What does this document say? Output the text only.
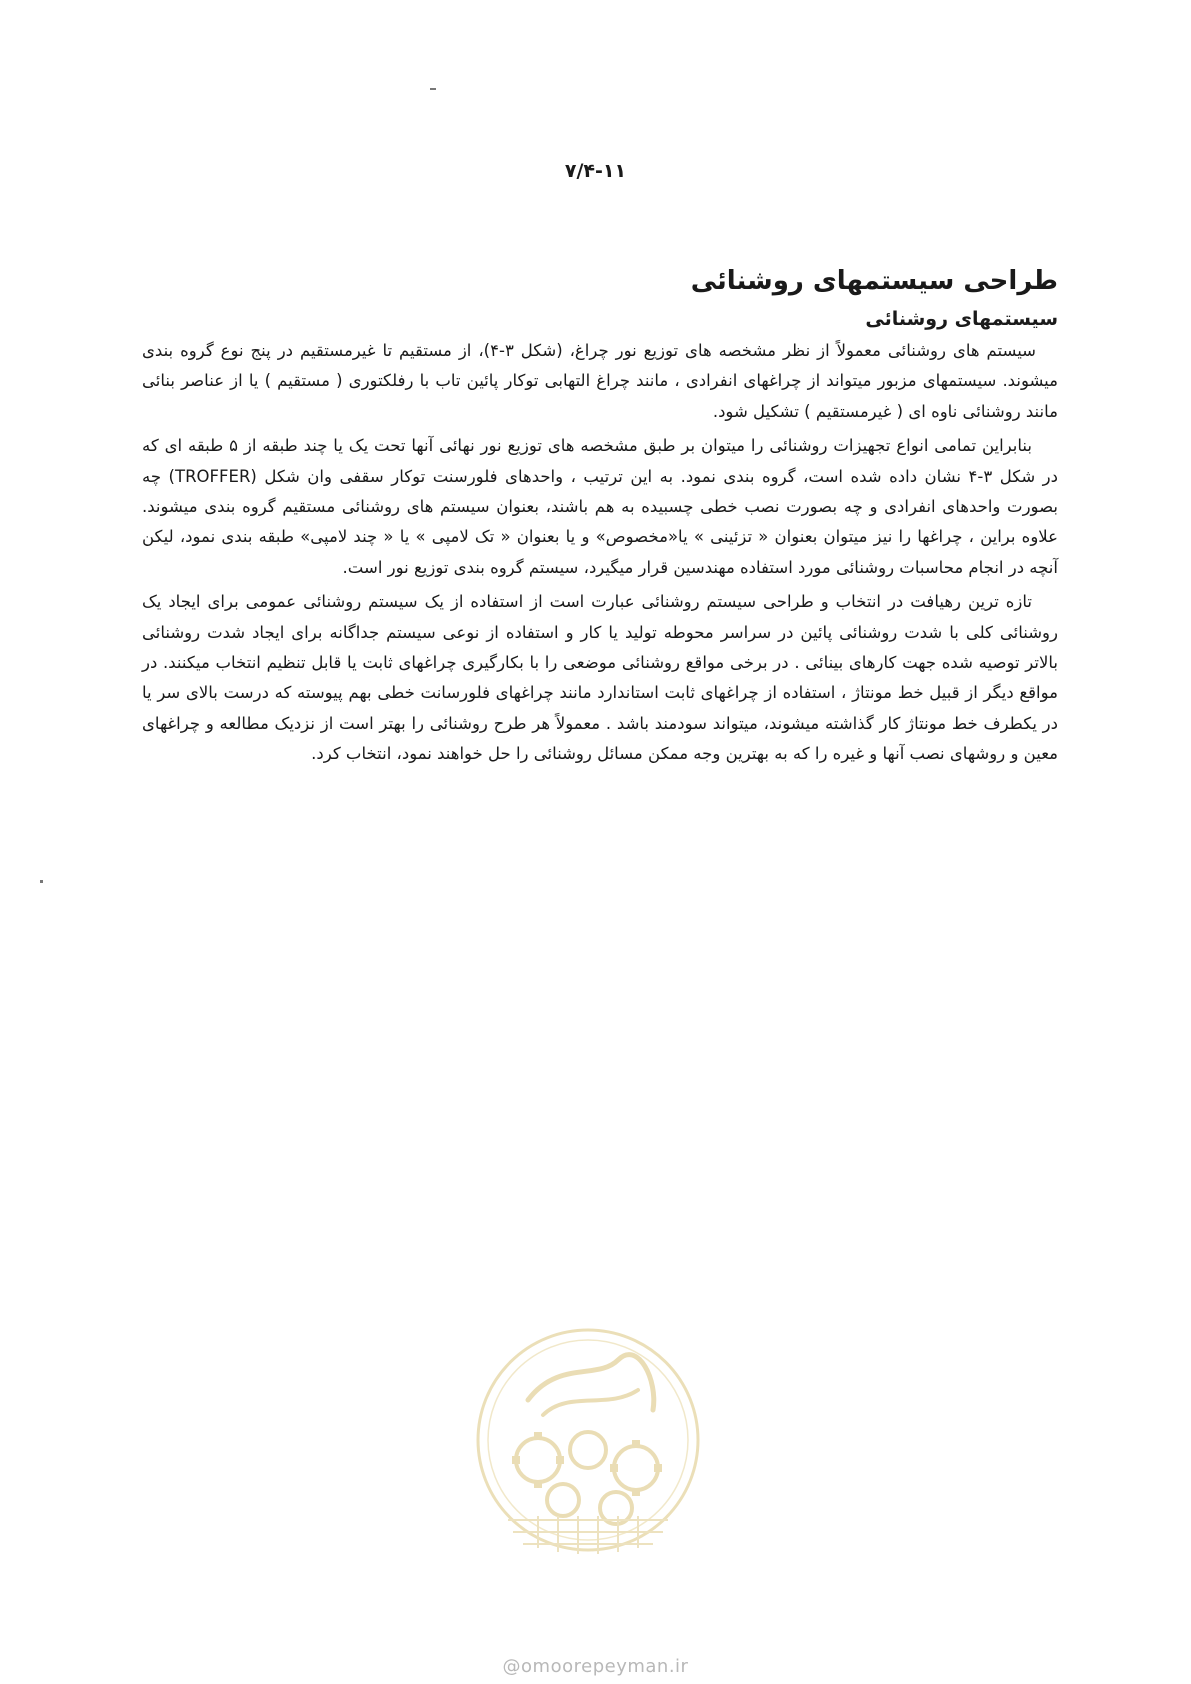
۷/۴-۱۱
طراحی سیستمهای روشنائی
سیستمهای روشنائی

سیستم های روشنائی معمولاً از نظر مشخصه های توزیع نور چراغ، (شکل ۳-۴)، از مستقیم تا غیرمستقیم در پنج نوع گروه بندی میشوند. سیستمهای مزبور میتواند از چراغهای انفرادی ، مانند چراغ التهابی توکار پائین تاب با رفلکتوری ( مستقیم ) یا از عناصر بنائی مانند روشنائی ناوه ای ( غیرمستقیم ) تشکیل شود.

بنابراین تمامی انواع تجهیزات روشنائی را میتوان بر طبق مشخصه های توزیع نور نهائی آنها تحت یک یا چند طبقه از ۵ طبقه ای که در شکل ۳-۴ نشان داده شده است، گروه بندی نمود. به این ترتیب ، واحدهای فلورسنت توکار سقفی وان شکل (TROFFER) چه بصورت واحدهای انفرادی و چه بصورت نصب خطی چسبیده به هم باشند، بعنوان سیستم های روشنائی مستقیم گروه بندی میشوند. علاوه براین ، چراغها را نیز میتوان بعنوان « تزئینی » یا«مخصوص» و یا بعنوان « تک لامپی » یا « چند لامپی» طبقه بندی نمود، لیکن آنچه در انجام محاسبات روشنائی مورد استفاده مهندسین قرار میگیرد، سیستم گروه بندی توزیع نور است.

تازه ترین رهیافت در انتخاب و طراحی سیستم روشنائی عبارت است از استفاده از یک سیستم روشنائی عمومی برای ایجاد یک روشنائی کلی با شدت روشنائی پائین در سراسر محوطه تولید یا کار و استفاده از نوعی سیستم جداگانه برای ایجاد شدت روشنائی بالاتر توصیه شده جهت کارهای بینائی . در برخی مواقع روشنائی موضعی را با بکارگیری چراغهای ثابت یا قابل تنظیم انتخاب میکنند. در مواقع دیگر از قبیل خط مونتاژ ، استفاده از چراغهای ثابت استاندارد مانند چراغهای فلورسانت خطی بهم پیوسته که درست بالای سر یا در یکطرف خط مونتاژ کار گذاشته میشوند، میتواند سودمند باشد . معمولاً هر طرح روشنائی را بهتر است از نزدیک مطالعه و چراغهای معین و روشهای نصب آنها و غیره را که به بهترین وجه ممکن مسائل روشنائی را حل خواهند نمود، انتخاب کرد.

@omoorepeyman.ir
